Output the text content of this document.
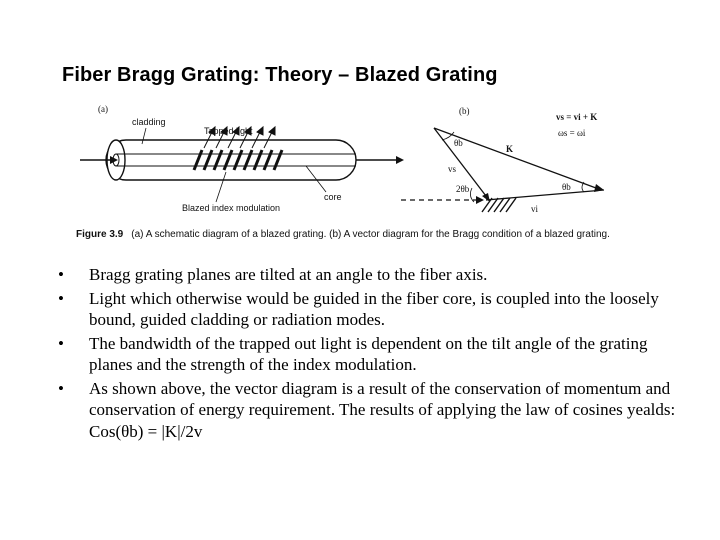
Fiber Bragg Grating: Theory – Blazed Grating
(a)
cladding
Tapped light
core
Blazed index modulation
(b)
K
vs
vi
θb
2θb	θb
vs = vi + K
ωs = ωi
Figure 3.9 (a) A schematic diagram of a blazed grating. (b) A vector diagram for the Bragg condition of a blazed grating.
• Bragg grating planes are tilted at an angle to the fiber axis.
• Light which otherwise would be guided in the fiber core, is coupled into the loosely bound, guided cladding or radiation modes.
• The bandwidth of the trapped out light is dependent on the tilt angle of the grating planes and the strength of the index modulation.
• As shown above, the vector diagram is a result of the conservation of momentum and conservation of energy requirement. The results of applying the law of cosines yealds: Cos(θb) = |K|/2v
